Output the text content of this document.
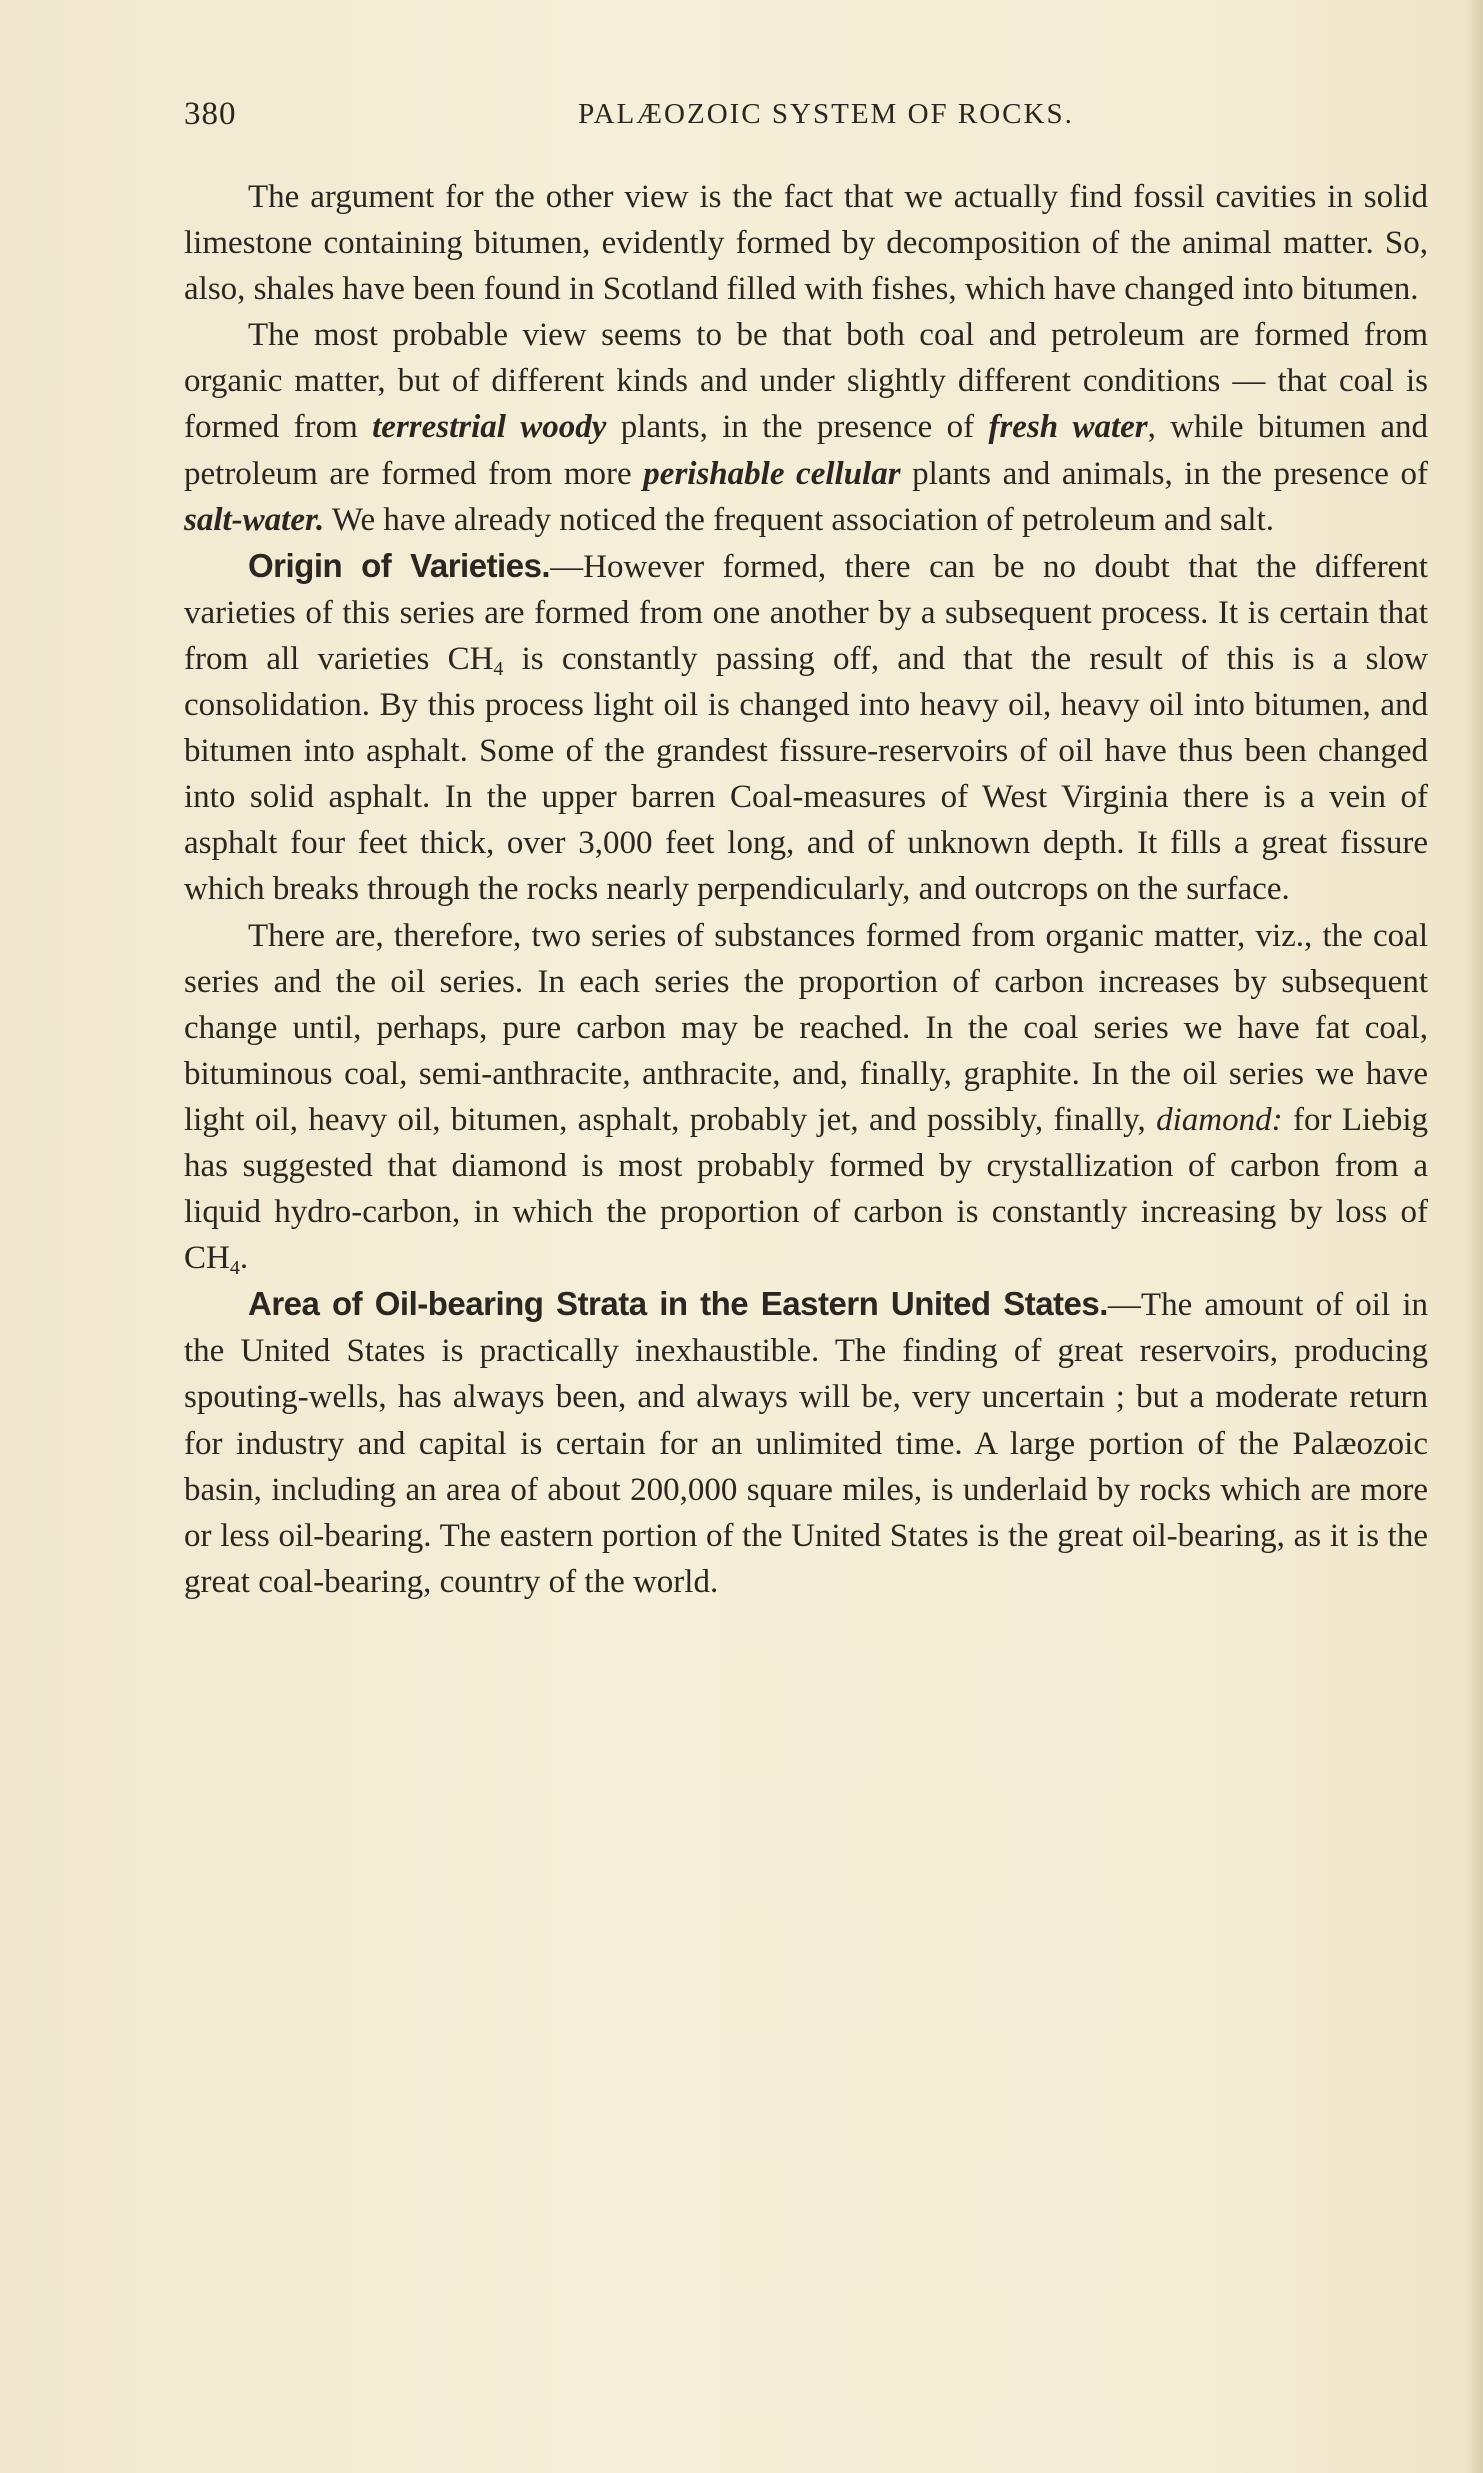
380	PALÆOZOIC SYSTEM OF ROCKS.

The argument for the other view is the fact that we actually find fossil cavities in solid limestone containing bitumen, evidently formed by decomposition of the animal matter. So, also, shales have been found in Scotland filled with fishes, which have changed into bitumen.

The most probable view seems to be that both coal and petroleum are formed from organic matter, but of different kinds and under slightly different conditions — that coal is formed from terrestrial woody plants, in the presence of fresh water, while bitumen and petroleum are formed from more perishable cellular plants and animals, in the presence of salt-water. We have already noticed the frequent association of petroleum and salt.

Origin of Varieties.—However formed, there can be no doubt that the different varieties of this series are formed from one another by a subsequent process. It is certain that from all varieties $CH_4$ is constantly passing off, and that the result of this is a slow consolidation. By this process light oil is changed into heavy oil, heavy oil into bitumen, and bitumen into asphalt. Some of the grandest fissure-reservoirs of oil have thus been changed into solid asphalt. In the upper barren Coal-measures of West Virginia there is a vein of asphalt four feet thick, over 3,000 feet long, and of unknown depth. It fills a great fissure which breaks through the rocks nearly perpendicularly, and outcrops on the surface.

There are, therefore, two series of substances formed from organic matter, viz., the coal series and the oil series. In each series the proportion of carbon increases by subsequent change until, perhaps, pure carbon may be reached. In the coal series we have fat coal, bituminous coal, semi-anthracite, anthracite, and, finally, graphite. In the oil series we have light oil, heavy oil, bitumen, asphalt, probably jet, and possibly, finally, diamond: for Liebig has suggested that diamond is most probably formed by crystallization of carbon from a liquid hydro-carbon, in which the proportion of carbon is constantly increasing by loss of $CH_4$.

Area of Oil-bearing Strata in the Eastern United States.—The amount of oil in the United States is practically inexhaustible. The finding of great reservoirs, producing spouting-wells, has always been, and always will be, very uncertain ; but a moderate return for industry and capital is certain for an unlimited time. A large portion of the Palæozoic basin, including an area of about 200,000 square miles, is underlaid by rocks which are more or less oil-bearing. The eastern portion of the United States is the great oil-bearing, as it is the great coal-bearing, country of the world.
